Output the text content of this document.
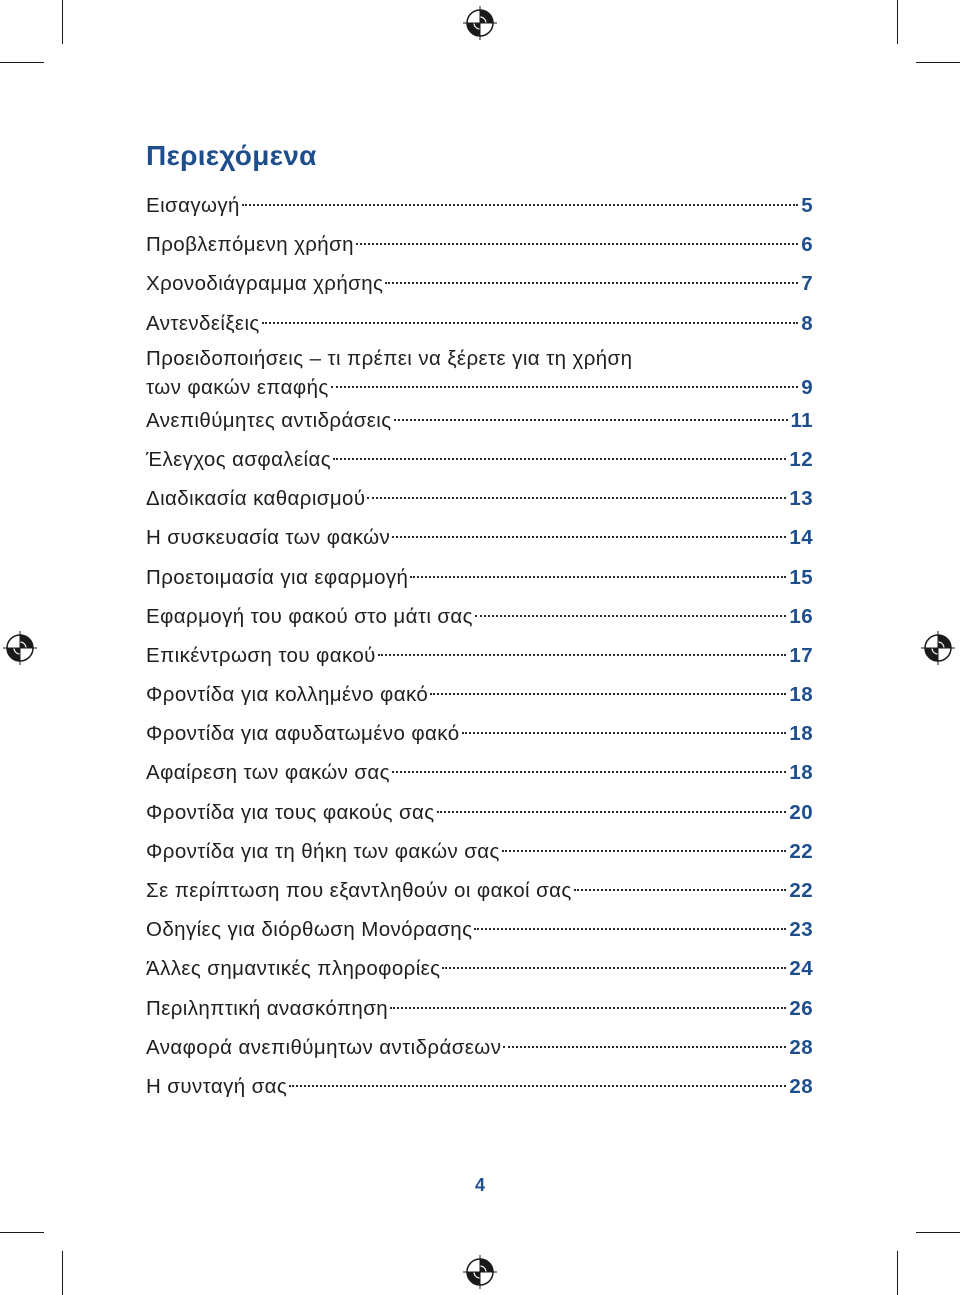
Περιεχόμενα
Εισαγωγή	5
Προβλεπόμενη χρήση	6
Χρονοδιάγραμμα χρήσης	7
Αντενδείξεις	8
Προειδοποιήσεις – τι πρέπει να ξέρετε για τη χρήση
των φακών επαφής	9
Ανεπιθύμητες αντιδράσεις	11
Έλεγχος ασφαλείας	12
Διαδικασία καθαρισμού	13
Η συσκευασία των φακών	14
Προετοιμασία για εφαρμογή	15
Εφαρμογή του φακού στο μάτι σας	16
Επικέντρωση του φακού	17
Φροντίδα για κολλημένο φακό	18
Φροντίδα για αφυδατωμένο φακό	18
Αφαίρεση των φακών σας	18
Φροντίδα για τους φακούς σας	20
Φροντίδα για τη θήκη των φακών σας	22
Σε περίπτωση που εξαντληθούν οι φακοί σας	22
Οδηγίες για διόρθωση Μονόρασης	23
Άλλες σημαντικές πληροφορίες	24
Περιληπτική ανασκόπηση	26
Αναφορά ανεπιθύμητων αντιδράσεων	28
Η συνταγή σας	28
4
